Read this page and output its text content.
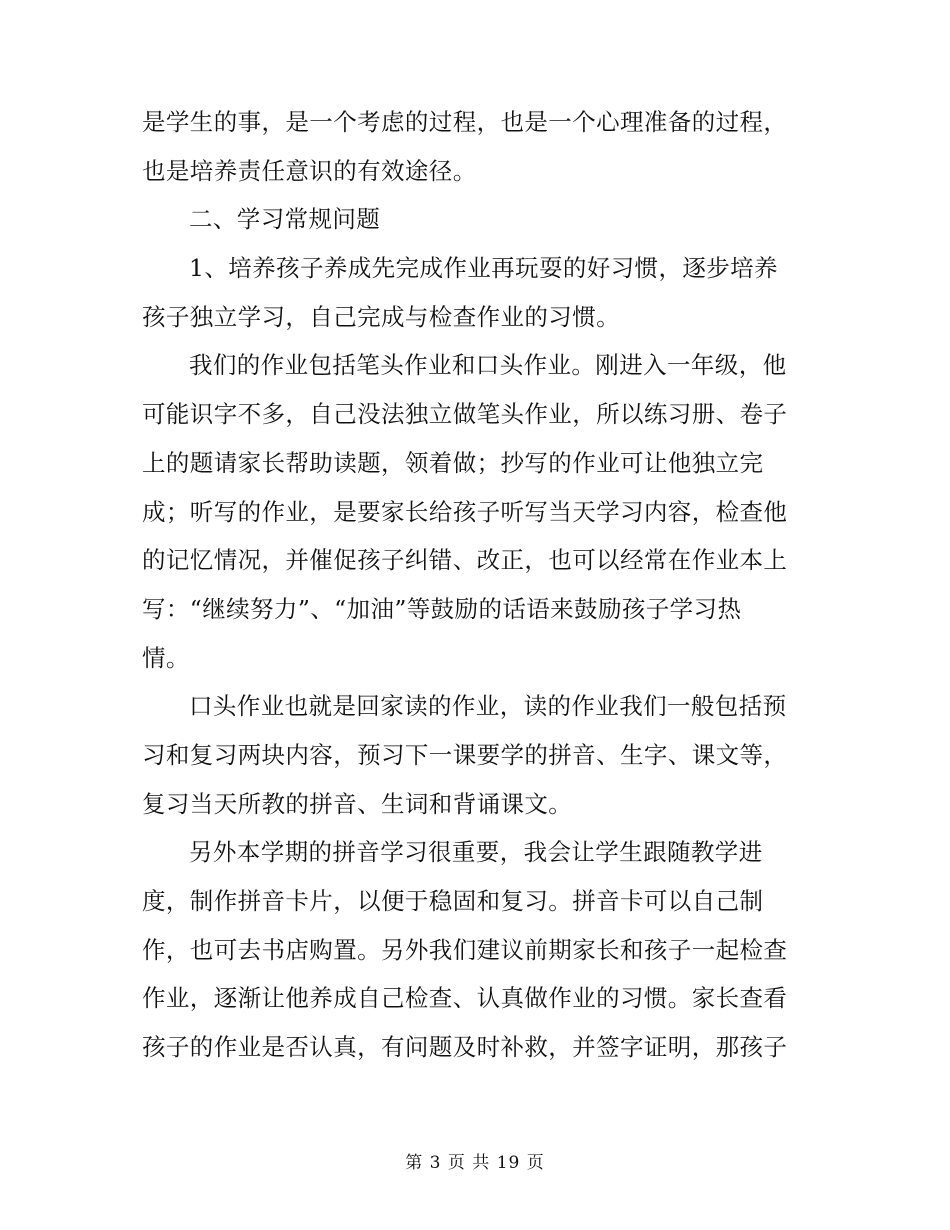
是学生的事，是一个考虑的过程，也是一个心理准备的过程，
也是培养责任意识的有效途径。
二、学习常规问题
1、培养孩子养成先完成作业再玩耍的好习惯，逐步培养
孩子独立学习，自己完成与检查作业的习惯。
我们的作业包括笔头作业和口头作业。刚进入一年级，他
可能识字不多，自己没法独立做笔头作业，所以练习册、卷子
上的题请家长帮助读题，领着做；抄写的作业可让他独立完
成；听写的作业，是要家长给孩子听写当天学习内容，检查他
的记忆情况，并催促孩子纠错、改正，也可以经常在作业本上
写：“继续努力”、“加油”等鼓励的话语来鼓励孩子学习热
情。
口头作业也就是回家读的作业，读的作业我们一般包括预
习和复习两块内容，预习下一课要学的拼音、生字、课文等，
复习当天所教的拼音、生词和背诵课文。
另外本学期的拼音学习很重要，我会让学生跟随教学进
度，制作拼音卡片，以便于稳固和复习。拼音卡可以自己制
作，也可去书店购置。另外我们建议前期家长和孩子一起检查
作业，逐渐让他养成自己检查、认真做作业的习惯。家长查看
孩子的作业是否认真，有问题及时补救，并签字证明，那孩子
第 3 页 共 19 页
